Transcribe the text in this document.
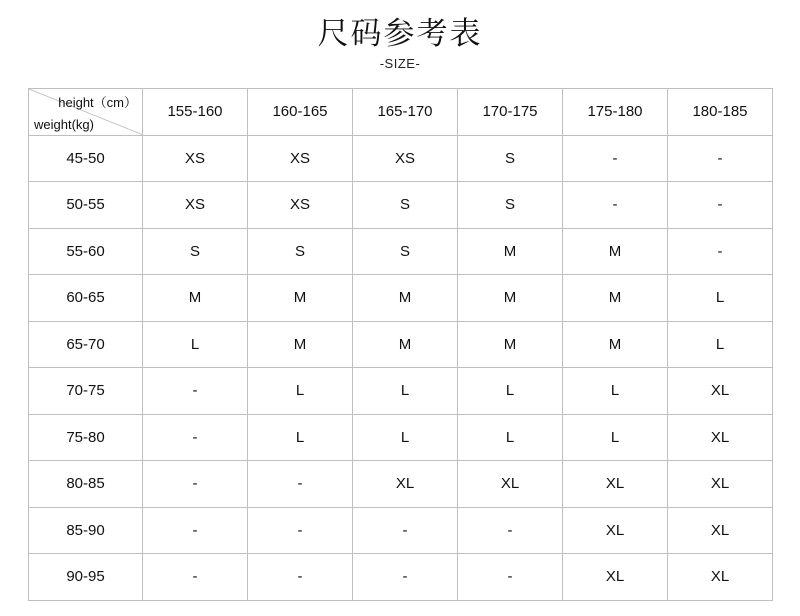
尺码参考表
-SIZE-
height（cm）
weight(kg)	155-160	160-165	165-170	170-175	175-180	180-185
45-50	XS	XS	XS	S	-	-
50-55	XS	XS	S	S	-	-
55-60	S	S	S	M	M	-
60-65	M	M	M	M	M	L
65-70	L	M	M	M	M	L
70-75	-	L	L	L	L	XL
75-80	-	L	L	L	L	XL
80-85	-	-	XL	XL	XL	XL
85-90	-	-	-	-	XL	XL
90-95	-	-	-	-	XL	XL
